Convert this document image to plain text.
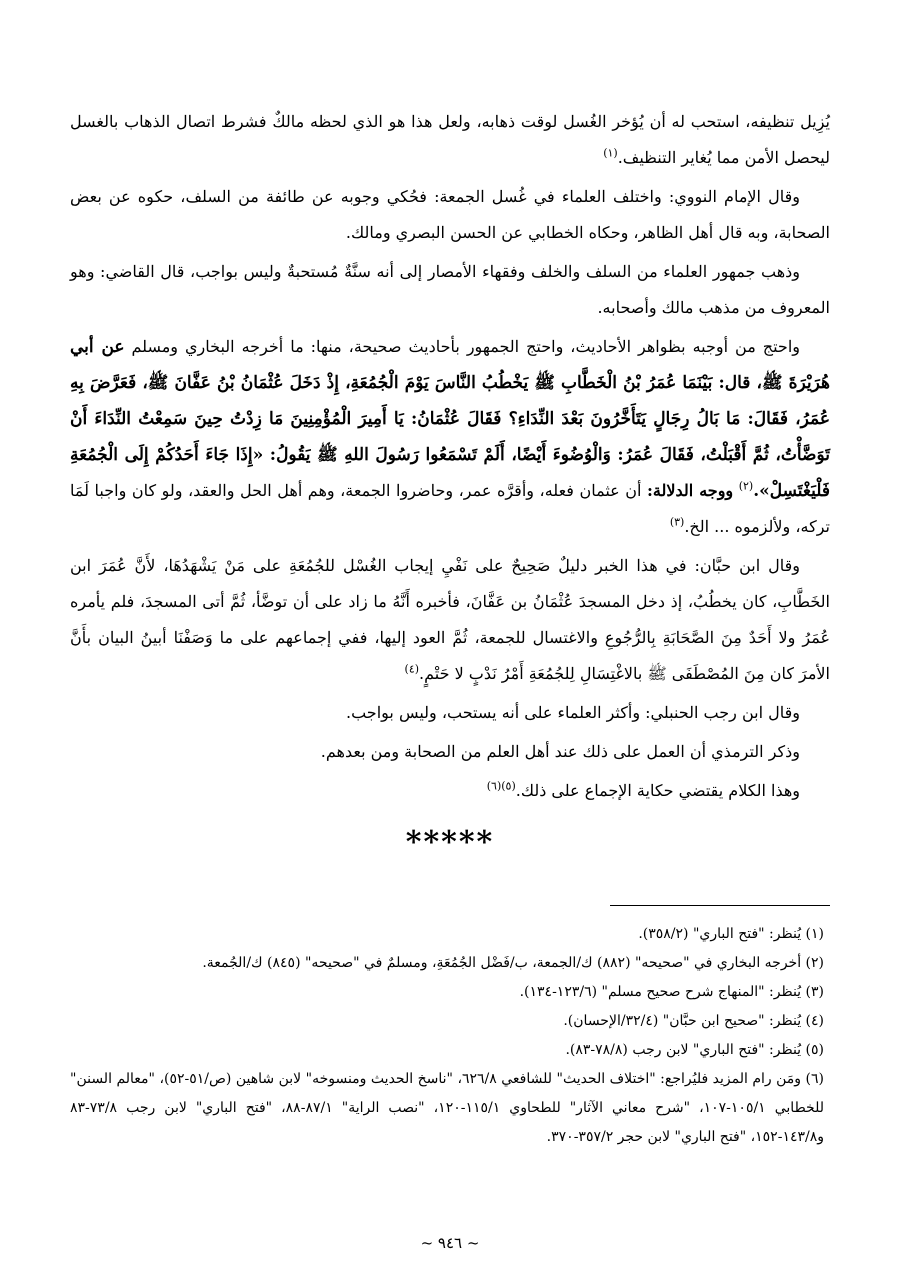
يُزِيل تنظيفه، استحب له أن يُؤخر الغُسل لوقت ذهابه، ولعل هذا هو الذي لحظه مالكٌ فشرط اتصال الذهاب بالغسل ليحصل الأمن مما يُغاير التنظيف.$^{(١)}$

وقال الإمام النووي: واختلف العلماء في غُسل الجمعة: فحُكي وجوبه عن طائفة من السلف، حكوه عن بعض الصحابة، وبه قال أهل الظاهر، وحكاه الخطابي عن الحسن البصري ومالك.

وذهب جمهور العلماء من السلف والخلف وفقهاء الأمصار إلى أنه سنَّةٌ مُستحبةٌ وليس بواجب، قال القاضي: وهو المعروف من مذهب مالك وأصحابه.

واحتج من أوجبه بظواهر الأحاديث، واحتج الجمهور بأحاديث صحيحة، منها: ما أخرجه البخاري ومسلم عن أبي هُرَيْرَةَ ﷺ، قال: بَيْنَمَا عُمَرُ بْنُ الْخَطَّابِ ﷺ يَخْطُبُ النَّاسَ يَوْمَ الْجُمُعَةِ، إِذْ دَخَلَ عُثْمَانُ بْنُ عَفَّانَ ﷺ، فَعَرَّضَ بِهِ عُمَرُ، فَقَالَ: مَا بَالُ رِجَالٍ يَتَأَخَّرُونَ بَعْدَ النِّدَاءِ؟ فَقَالَ عُثْمَانُ: يَا أَمِيرَ الْمُؤْمِنِينَ مَا زِدْتُ حِينَ سَمِعْتُ النِّدَاءَ أَنْ تَوَضَّأْتُ، ثُمَّ أَقْبَلْتُ، فَقَالَ عُمَرُ: وَالْوُضُوءَ أَيْضًا، أَلَمْ تَسْمَعُوا رَسُولَ اللهِ ﷺ يَقُولُ: «إِذَا جَاءَ أَحَدُكُمْ إِلَى الْجُمُعَةِ فَلْيَغْتَسِلْ».$^{(٢)}$ ووجه الدلالة: أن عثمان فعله، وأقرَّه عمر، وحاضروا الجمعة، وهم أهل الحل والعقد، ولو كان واجبا لَمَا تركه، ولألزموه ... الخ.$^{(٣)}$

وقال ابن حبَّان: في هذا الخبر دليلٌ صَحِيحٌ على نَفْيِ إيجاب الغُسْل للجُمُعَةِ على مَنْ يَشْهَدُهَا، لأَنَّ عُمَرَ ابن الخَطَّابِ، كان يخطُبُ، إذ دخل المسجدَ عُثْمَانُ بن عَفَّانَ، فأخبره أَنَّهُ ما زاد على أن توضَّأ، ثُمَّ أتى المسجدَ، فلم يأمره عُمَرُ ولا أَحَدٌ مِنَ الصَّحَابَةِ بِالرُّجُوعِ والاغتسال للجمعة، ثُمَّ العود إليها، ففي إجماعهم على ما وَصَفْنَا أبينُ البيان بأَنَّ الأمرَ كان مِنَ المُصْطَفَى ﷺ بالاغْتِسَالِ لِلجُمُعَةِ أَمْرُ نَدْبٍ لا حَتْمٍ.$^{(٤)}$

وقال ابن رجب الحنبلي: وأكثر العلماء على أنه يستحب، وليس بواجب.

وذكر الترمذي أن العمل على ذلك عند أهل العلم من الصحابة ومن بعدهم.

وهذا الكلام يقتضي حكاية الإجماع على ذلك.$^{(٥)(٦)}$

*****

(١) يُنظر: "فتح الباري" (٣٥٨/٢).

(٢) أخرجه البخاري في "صحيحه" (٨٨٢) ك/الجمعة، ب/فَضْل الجُمُعَةِ، ومسلمٌ في "صحيحه" (٨٤٥) ك/الجُمعة.

(٣) يُنظر: "المنهاج شرح صحيح مسلم" (١٢٣/٦-١٣٤).

(٤) يُنظر: "صحيح ابن حبَّان" (٣٢/٤/الإحسان).

(٥) يُنظر: "فتح الباري" لابن رجب (٧٨/٨-٨٣).

(٦) ومَن رام المزيد فليُراجع: "اختلاف الحديث" للشافعي ٦٢٦/٨، "ناسخ الحديث ومنسوخه" لابن شاهين (ص/٥١-٥٢)، "معالم السنن" للخطابي ١٠٥/١-١٠٧، "شرح معاني الآثار" للطحاوي ١١٥/١-١٢٠، "نصب الراية" ٨٧/١-٨٨، "فتح الباري" لابن رجب ٧٣/٨-٨٣ و١٤٣/٨-١٥٢، "فتح الباري" لابن حجر ٣٥٧/٢-٣٧٠.

~ ٩٤٦ ~
